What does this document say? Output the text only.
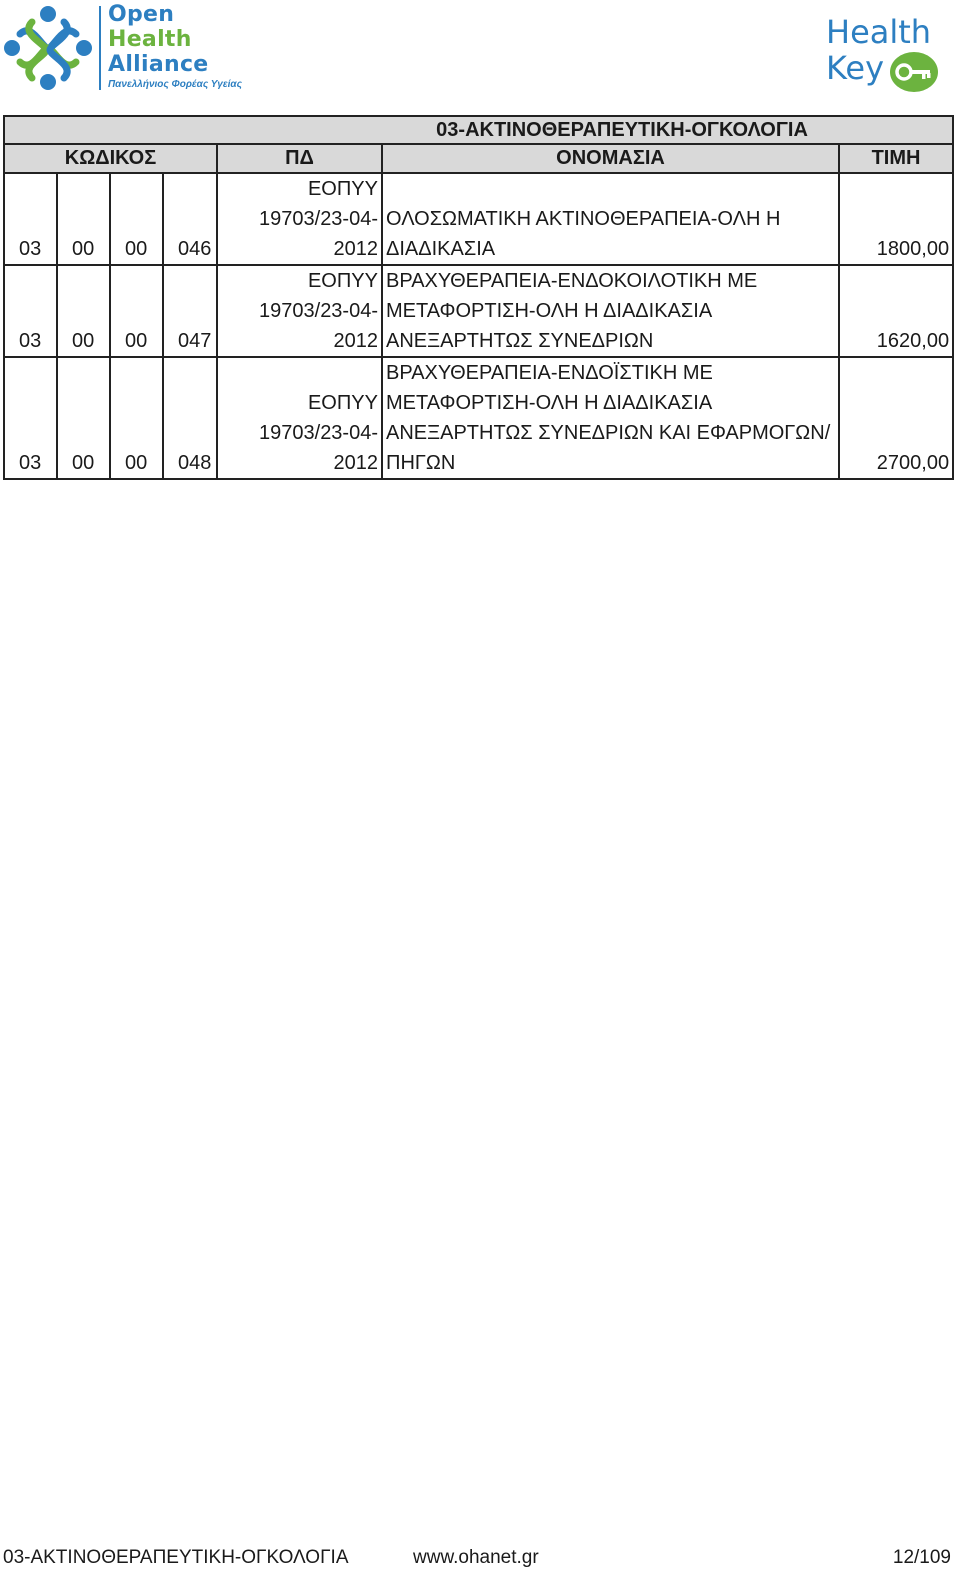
Open
Health
Alliance
Πανελλήνιος Φορέας Υγείας
Health
Key
03-ΑΚΤΙΝΟΘΕΡΑΠΕΥΤΙΚΗ-ΟΓΚΟΛΟΓΙΑ						
ΚΩΔΙΚΟΣ				ΠΔ	ΟΝΟΜΑΣΙΑ	ΤΙΜΗ
03	00	00	046	ΕΟΠΥΥ 19703/23-04-2012	ΟΛΟΣΩΜΑΤΙΚΗ ΑΚΤΙΝΟΘΕΡΑΠΕΙΑ-ΟΛΗ Η ΔΙΑΔΙΚΑΣΙΑ	1800,00
03	00	00	047	ΕΟΠΥΥ 19703/23-04-2012	ΒΡΑΧΥΘΕΡΑΠΕΙΑ-ΕΝΔΟΚΟΙΛΟΤΙΚΗ ΜΕ ΜΕΤΑΦΟΡΤΙΣΗ-ΟΛΗ Η ΔΙΑΔΙΚΑΣΙΑ ΑΝΕΞΑΡΤΗΤΩΣ ΣΥΝΕΔΡΙΩΝ	1620,00
03	00	00	048	ΕΟΠΥΥ 19703/23-04-2012	ΒΡΑΧΥΘΕΡΑΠΕΙΑ-ΕΝΔΟΪΣΤΙΚΗ ΜΕ ΜΕΤΑΦΟΡΤΙΣΗ-ΟΛΗ Η ΔΙΑΔΙΚΑΣΙΑ ΑΝΕΞΑΡΤΗΤΩΣ ΣΥΝΕΔΡΙΩΝ ΚΑΙ ΕΦΑΡΜΟΓΩΝ/ΠΗΓΩΝ	2700,00
03-ΑΚΤΙΝΟΘΕΡΑΠΕΥΤΙΚΗ-ΟΓΚΟΛΟΓΙΑ	www.ohanet.gr	12/109
